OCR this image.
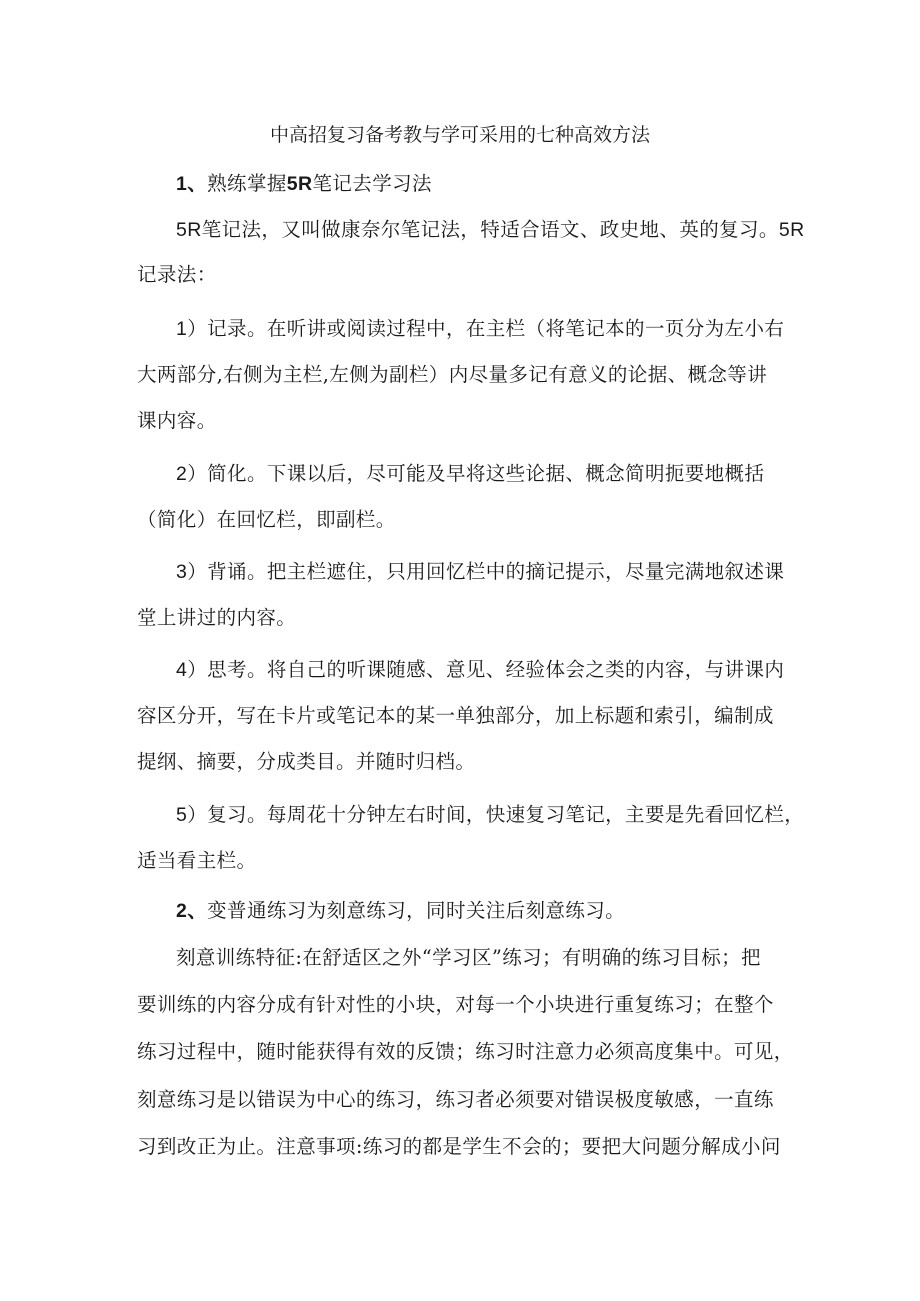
中高招复习备考教与学可采用的七种高效方法
1、熟练掌握5R笔记去学习法
5R笔记法，又叫做康奈尔笔记法，特适合语文、政史地、英的复习。5R
记录法：
1）记录。在听讲或阅读过程中，在主栏（将笔记本的一页分为左小右
大两部分,右侧为主栏,左侧为副栏）内尽量多记有意义的论据、概念等讲
课内容。
2）简化。下课以后，尽可能及早将这些论据、概念简明扼要地概括
（简化）在回忆栏，即副栏。
3）背诵。把主栏遮住，只用回忆栏中的摘记提示，尽量完满地叙述课
堂上讲过的内容。
4）思考。将自己的听课随感、意见、经验体会之类的内容，与讲课内
容区分开，写在卡片或笔记本的某一单独部分，加上标题和索引，编制成
提纲、摘要，分成类目。并随时归档。
5）复习。每周花十分钟左右时间，快速复习笔记，主要是先看回忆栏，
适当看主栏。
2、变普通练习为刻意练习，同时关注后刻意练习。
刻意训练特征:在舒适区之外“学习区”练习；有明确的练习目标；把
要训练的内容分成有针对性的小块，对每一个小块进行重复练习；在整个
练习过程中，随时能获得有效的反馈；练习时注意力必须高度集中。可见，
刻意练习是以错误为中心的练习，练习者必须要对错误极度敏感，一直练
习到改正为止。注意事项:练习的都是学生不会的；要把大问题分解成小问
